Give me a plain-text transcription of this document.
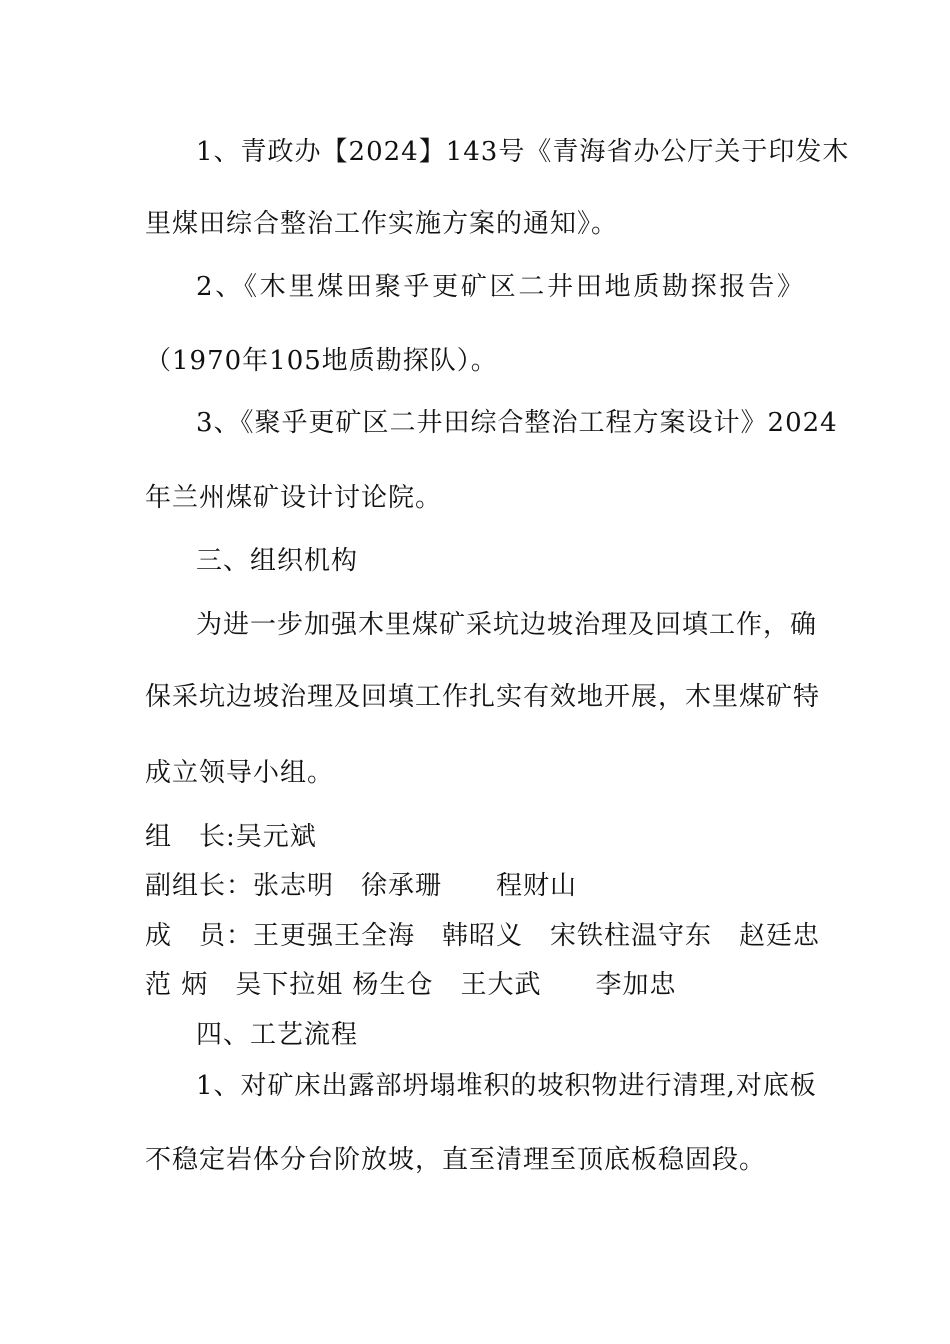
1、青政办【2024】143号《青海省办公厅关于印发木
里煤田综合整治工作实施方案的通知》。
2、《木里煤田聚乎更矿区二井田地质勘探报告》
（1970年105地质勘探队）。
3、《聚乎更矿区二井田综合整治工程方案设计》2024
年兰州煤矿设计讨论院。
三、组织机构
为进一步加强木里煤矿采坑边坡治理及回填工作，确
保采坑边坡治理及回填工作扎实有效地开展，木里煤矿特
成立领导小组。
组　长:吴元斌
副组长：张志明　徐承珊　　程财山
成　员：王更强王全海　韩昭义　宋铁柱温守东　赵廷忠
范 炳　吴下拉姐 杨生仓　王大武　　李加忠
四、工艺流程
1、对矿床出露部坍塌堆积的坡积物进行清理,对底板
不稳定岩体分台阶放坡，直至清理至顶底板稳固段。
